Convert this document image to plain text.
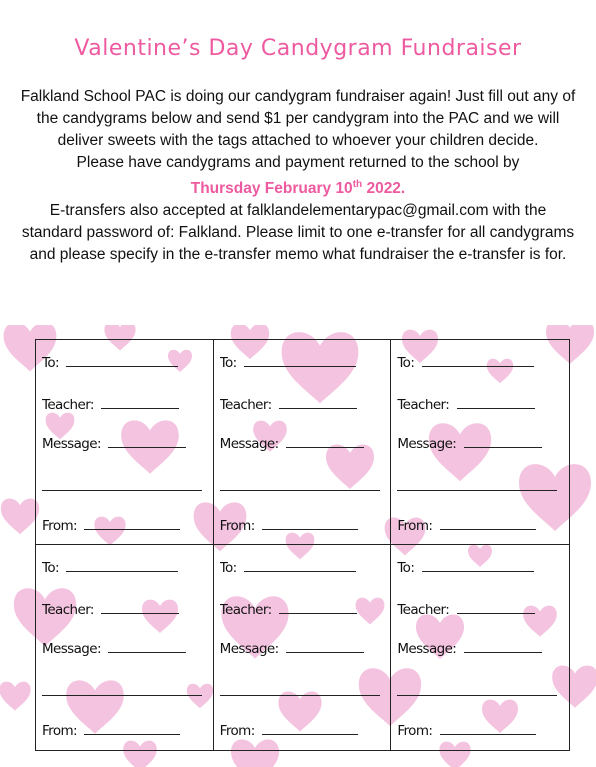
Valentine’s Day Candygram Fundraiser

Falkland School PAC is doing our candygram fundraiser again! Just fill out any of the candygrams below and send $1 per candygram into the PAC and we will deliver sweets with the tags attached to whoever your children decide.

Please have candygrams and payment returned to the school by

Thursday February 10th 2022.

E-transfers also accepted at falklandelementarypac@gmail.com with the standard password of: Falkland. Please limit to one e-transfer for all candygrams and please specify in the e-transfer memo what fundraiser the e-transfer is for.

To:
Teacher:
Message:
From:
To:
Teacher:
Message:
From:
To:
Teacher:
Message:
From:
To:
Teacher:
Message:
From:
To:
Teacher:
Message:
From:
To:
Teacher:
Message:
From:
